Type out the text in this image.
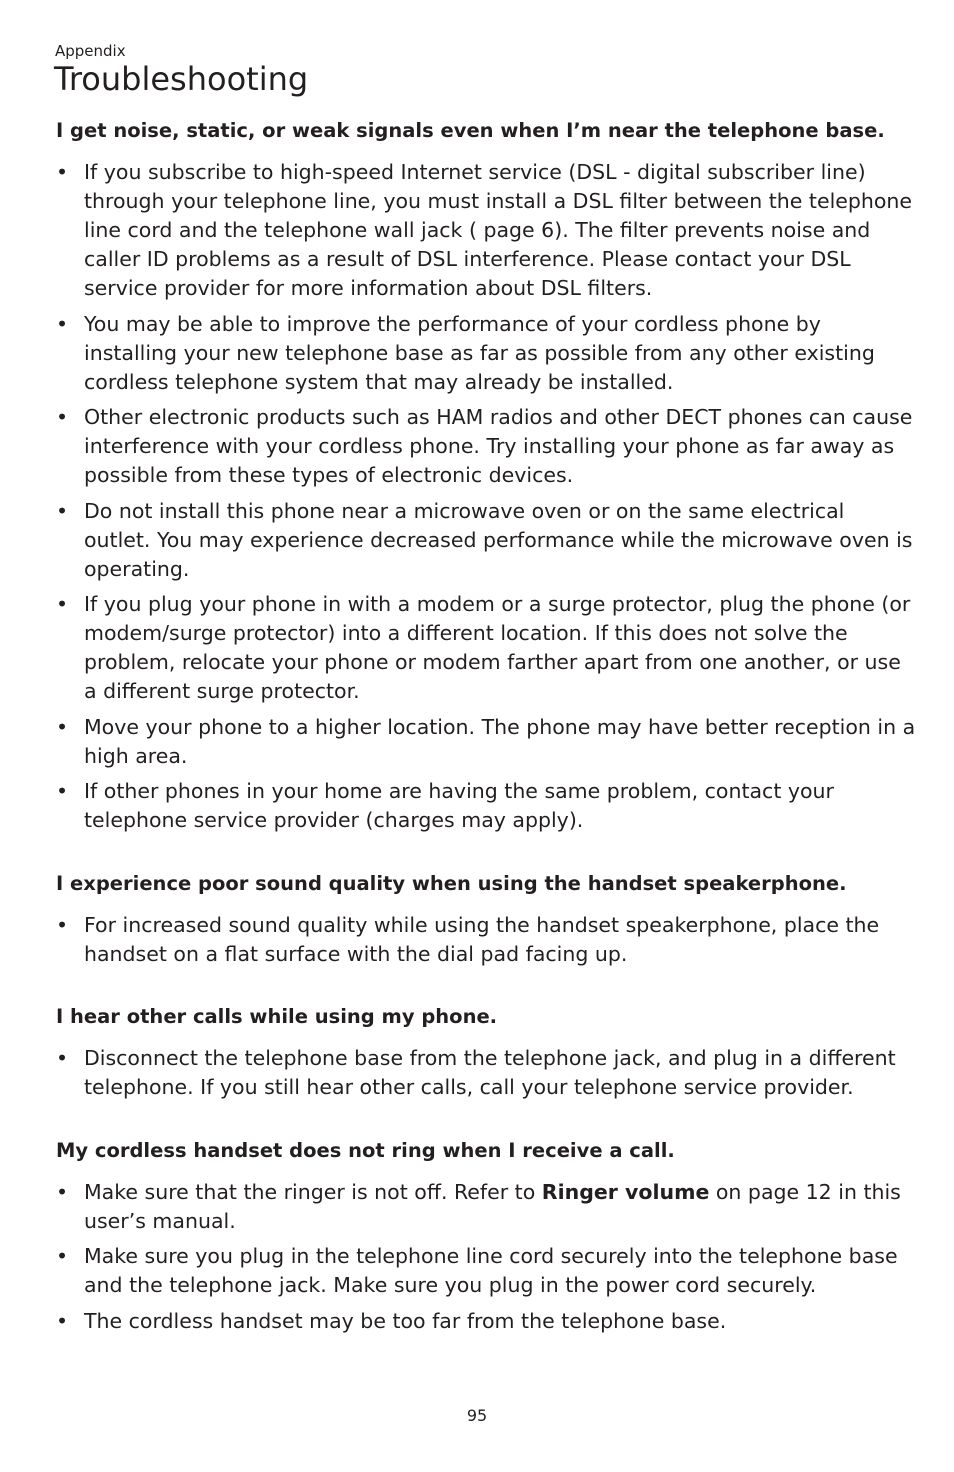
Appendix
Troubleshooting
I get noise, static, or weak signals even when I’m near the telephone base.
• If you subscribe to high-speed Internet service (DSL - digital subscriber line) through your telephone line, you must install a DSL filter between the telephone line cord and the telephone wall jack ( page 6). The filter prevents noise and caller ID problems as a result of DSL interference. Please contact your DSL service provider for more information about DSL filters.
• You may be able to improve the performance of your cordless phone by installing your new telephone base as far as possible from any other existing cordless telephone system that may already be installed.
• Other electronic products such as HAM radios and other DECT phones can cause interference with your cordless phone. Try installing your phone as far away as possible from these types of electronic devices.
• Do not install this phone near a microwave oven or on the same electrical outlet. You may experience decreased performance while the microwave oven is operating.
• If you plug your phone in with a modem or a surge protector, plug the phone (or modem/surge protector) into a different location. If this does not solve the problem, relocate your phone or modem farther apart from one another, or use a different surge protector.
• Move your phone to a higher location. The phone may have better reception in a high area.
• If other phones in your home are having the same problem, contact your telephone service provider (charges may apply).
I experience poor sound quality when using the handset speakerphone.
• For increased sound quality while using the handset speakerphone, place the handset on a flat surface with the dial pad facing up.
I hear other calls while using my phone.
• Disconnect the telephone base from the telephone jack, and plug in a different telephone. If you still hear other calls, call your telephone service provider.
My cordless handset does not ring when I receive a call.
• Make sure that the ringer is not off. Refer to Ringer volume on page 12 in this user’s manual.
• Make sure you plug in the telephone line cord securely into the telephone base and the telephone jack. Make sure you plug in the power cord securely.
• The cordless handset may be too far from the telephone base.
95
